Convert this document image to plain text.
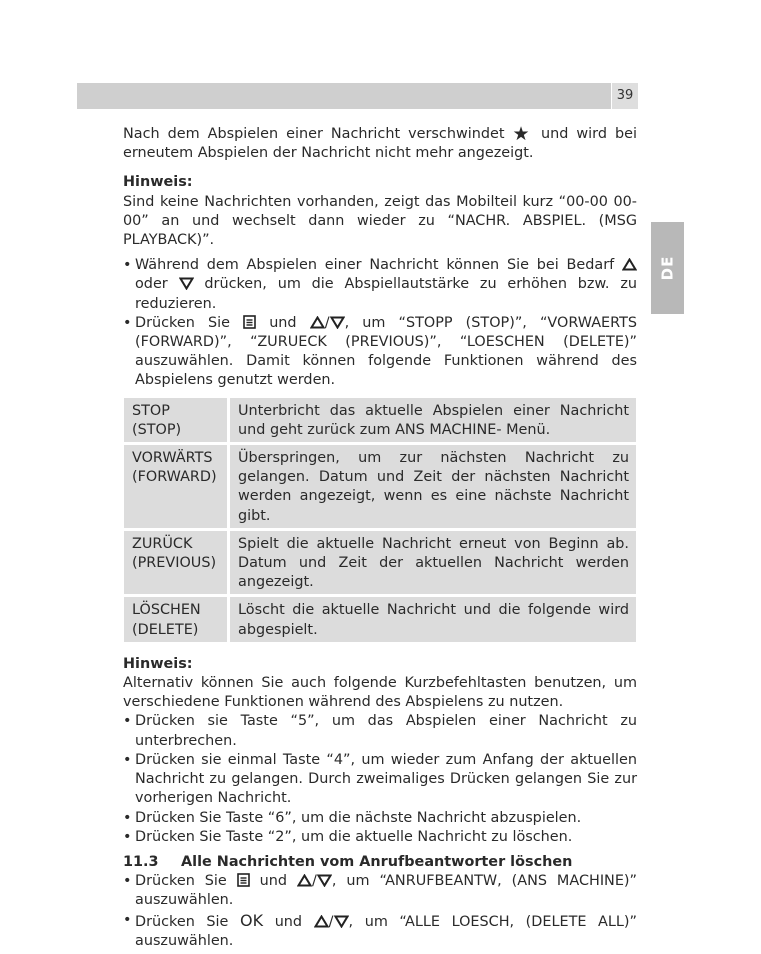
39
DE

Nach dem Abspielen einer Nachricht verschwindet ★ und wird bei erneutem Abspielen der Nachricht nicht mehr angezeigt.

Hinweis:

Sind keine Nachrichten vorhanden, zeigt das Mobilteil kurz “00-00 00-00” an und wechselt dann wieder zu “NACHR. ABSPIEL. (MSG PLAYBACK)”.

• Während dem Abspielen einer Nachricht können Sie bei Bedarf  oder	drücken, um die Abspiellautstärke zu erhöhen bzw. zu reduzieren.
• Drücken Sie	und / , um “STOPP (STOP)”, “VORWAERTS (FORWARD)”, “ZURUECK (PREVIOUS)”, “LOESCHEN (DELETE)” auszuwählen. Damit können folgende Funktionen während des Abspielens genutzt werden.
STOP
(STOP)	Unterbricht das aktuelle Abspielen einer Nachricht und geht zurück zum ANS MACHINE- Menü.

VORWÄRTS
(FORWARD)	Überspringen, um zur nächsten Nachricht zu gelangen. Datum und Zeit der nächsten Nachricht werden angezeigt, wenn es eine nächste Nachricht gibt.

ZURÜCK
(PREVIOUS)	Spielt die aktuelle Nachricht erneut von Beginn ab. Datum und Zeit der aktuellen Nachricht werden angezeigt.

LÖSCHEN
(DELETE)	Löscht die aktuelle Nachricht und die folgende wird abgespielt.

Hinweis:

Alternativ können Sie auch folgende Kurzbefehltasten benutzen, um verschiedene Funktionen während des Abspielens zu nutzen.

• Drücken sie Taste “5”, um das Abspielen einer Nachricht zu unterbrechen.
• Drücken sie einmal Taste “4”, um wieder zum Anfang der aktuellen Nachricht zu gelangen. Durch zweimaliges Drücken gelangen Sie zur vorherigen Nachricht.
• Drücken Sie Taste “6”, um die nächste Nachricht abzuspielen.
• Drücken Sie Taste “2”, um die aktuelle Nachricht zu löschen.
11.3	Alle Nachrichten vom Anrufbeantworter löschen
• Drücken Sie und / , um “ANRUFBEANTW, (ANS MACHINE)” auszuwählen.
• Drücken Sie OK und / , um “ALLE LOESCH, (DELETE ALL)” auszuwählen.
